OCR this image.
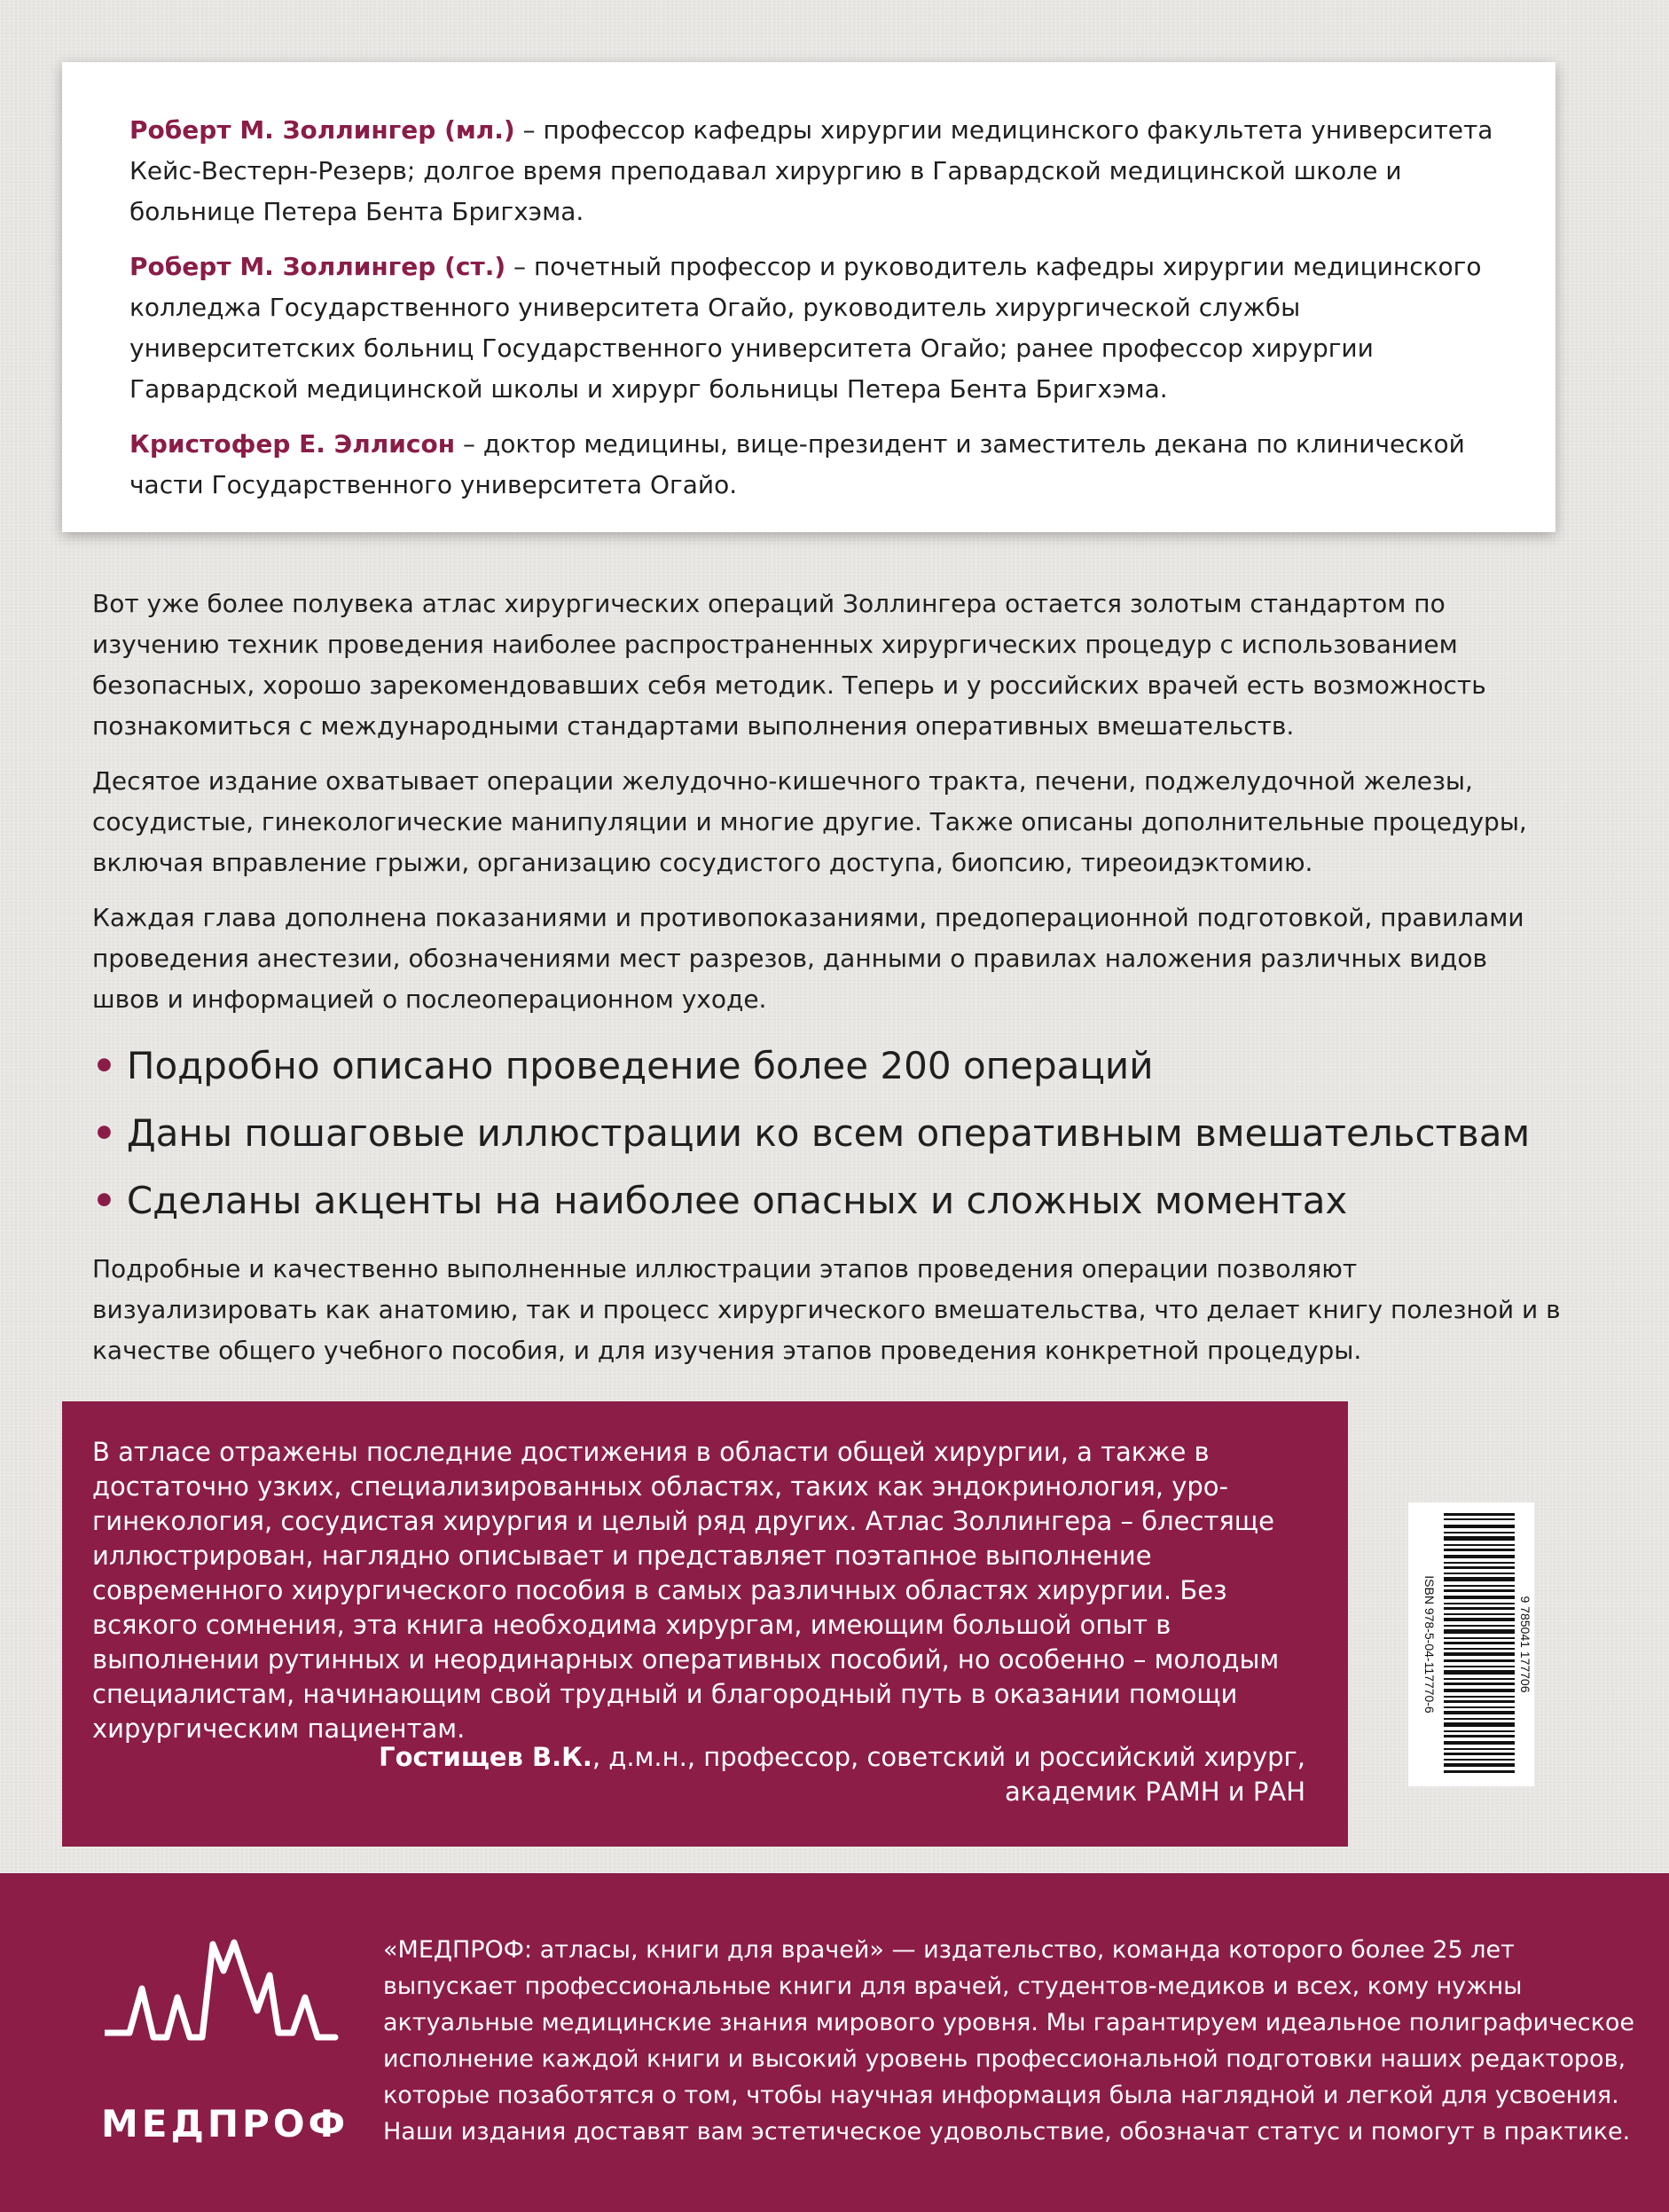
Роберт М. Золлингер (мл.) – профессор кафедры хирургии медицинского факультета университета Кейс-Вестерн-Резерв; долгое время преподавал хирургию в Гарвардской медицинской школе и больнице Петера Бента Бригхэма.
Роберт М. Золлингер (ст.) – почетный профессор и руководитель кафедры хирургии медицинского колледжа Государственного университета Огайо, руководитель хирургической службы университетских больниц Государственного университета Огайо; ранее профессор хирургии Гарвардской медицинской школы и хирург больницы Петера Бента Бригхэма.
Кристофер Е. Эллисон – доктор медицины, вице-президент и заместитель декана по клинической части Государственного университета Огайо.

Вот уже более полувека атлас хирургических операций Золлингера остается золотым стандартом по изучению техник проведения наиболее распространенных хирургических процедур с использованием безопасных, хорошо зарекомендовавших себя методик. Теперь и у российских врачей есть возможность познакомиться с международными стандартами выполнения оперативных вмешательств.

Десятое издание охватывает операции желудочно-кишечного тракта, печени, поджелудочной железы, сосудистые, гинекологические манипуляции и многие другие. Также описаны дополнительные процедуры, включая вправление грыжи, организацию сосудистого доступа, биопсию, тиреоидэктомию.

Каждая глава дополнена показаниями и противопоказаниями, предоперационной подготовкой, правилами проведения анестезии, обозначениями мест разрезов, данными о правилах наложения различных видов швов и информацией о послеоперационном уходе.

• Подробно описано проведение более 200 операций
• Даны пошаговые иллюстрации ко всем оперативным вмешательствам
• Сделаны акценты на наиболее опасных и сложных моментах
Подробные и качественно выполненные иллюстрации этапов проведения операции позволяют визуализировать как анатомию, так и процесс хирургического вмешательства, что делает книгу полезной и в качестве общего учебного пособия, и для изучения этапов проведения конкретной процедуры.
В атласе отражены последние достижения в области общей хирургии, а также в достаточно узких, специализированных областях, таких как эндокринология, уро-гинекология, сосудистая хирургия и целый ряд других. Атлас Золлингера – блестяще иллюстрирован, наглядно описывает и представляет поэтапное выполнение современного хирургического пособия в самых различных областях хирургии. Без всякого сомнения, эта книга необходима хирургам, имеющим большой опыт в выполнении рутинных и неординарных оперативных пособий, но особенно – молодым специалистам, начинающим свой трудный и благородный путь в оказании помощи хирургическим пациентам.
Гостищев В.К., д.м.н., профессор, советский и российский хирург,
академик РАМН и РАН
ISBN 978-5-04-117770-6	9 785041 177706
МЕДПРОФ
«МЕДПРОФ: атласы, книги для врачей» — издательство, команда которого более 25 лет выпускает профессиональные книги для врачей, студентов-медиков и всех, кому нужны актуальные медицинские знания мирового уровня. Мы гарантируем идеальное полиграфическое исполнение каждой книги и высокий уровень профессиональной подготовки наших редакторов, которые позаботятся о том, чтобы научная информация была наглядной и легкой для усвоения. Наши издания доставят вам эстетическое удовольствие, обозначат статус и помогут в практике.
